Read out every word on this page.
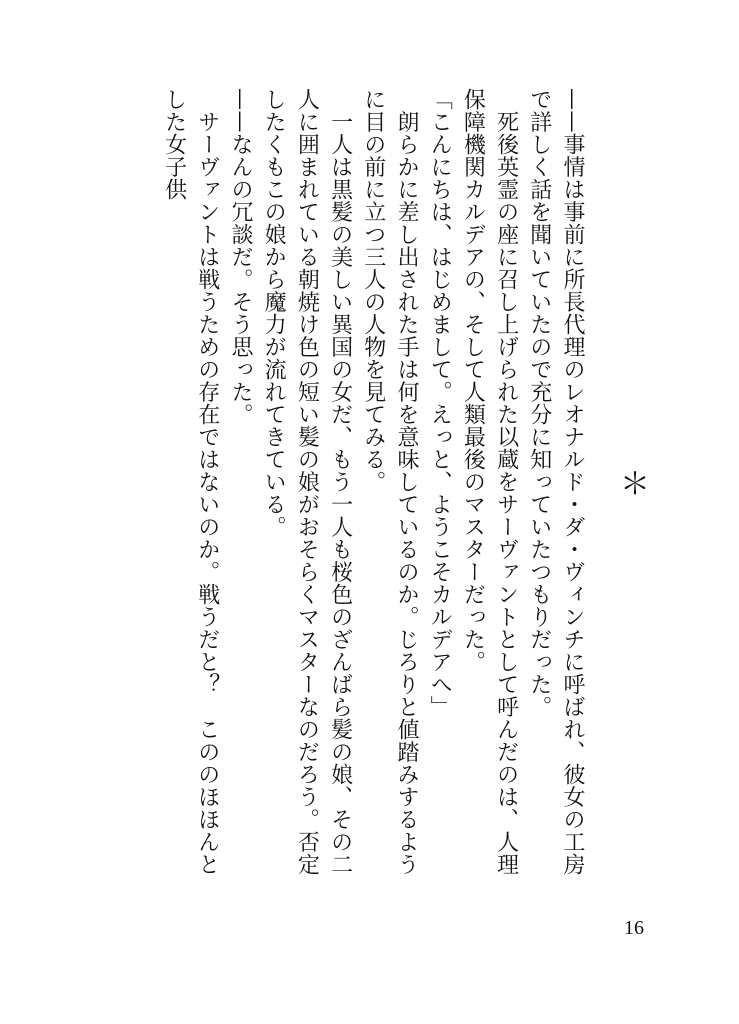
＊

——事情は事前に所長代理のレオナルド・ダ・ヴィンチに呼ばれ、彼女の工房で詳しく話を聞いていたので充分に知っていたつもりだった。

　死後英霊の座に召し上げられた以蔵をサーヴァントとして呼んだのは、人理保障機関カルデアの、そして人類最後のマスターだった。

「こんにちは、はじめまして。えっと、ようこそカルデアへ」

　朗らかに差し出された手は何を意味しているのか。じろりと値踏みするように目の前に立つ三人の人物を見てみる。

　一人は黒髪の美しい異国の女だ、もう一人も桜色のざんばら髪の娘、その二人に囲まれている朝焼け色の短い髪の娘がおそらくマスターなのだろう。否定したくもこの娘から魔力が流れてきている。

——なんの冗談だ。そう思った。

　サーヴァントは戦うための存在ではないのか。戦うだと？　こののほほんとした女子供

16
